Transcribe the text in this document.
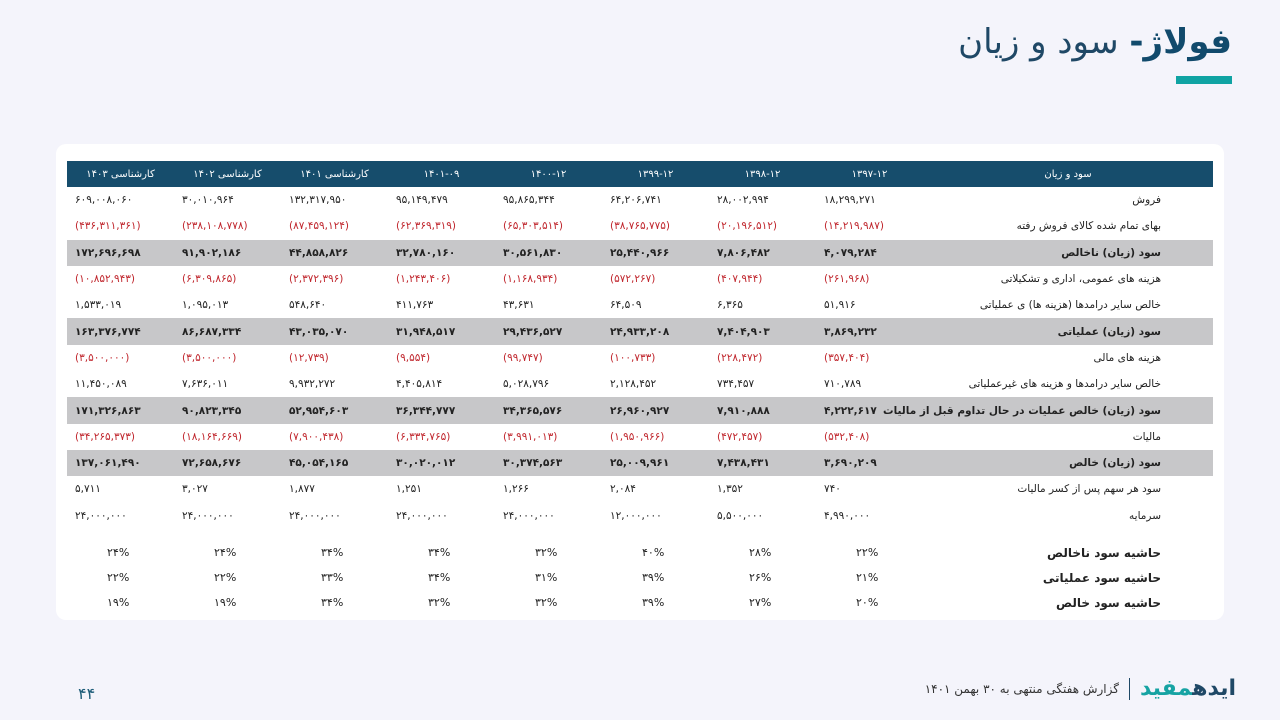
فولاژ- سود و زیان
کارشناسی ۱۴۰۳	کارشناسی ۱۴۰۲	کارشناسی ۱۴۰۱	۱۴۰۱-۰۹	۱۴۰۰-۱۲	۱۳۹۹-۱۲	۱۳۹۸-۱۲	۱۳۹۷-۱۲	سود و زیان
۶۰۹,۰۰۸,۰۶۰	۳۰,۰۱۰,۹۶۴	۱۳۲,۳۱۷,۹۵۰	۹۵,۱۴۹,۴۷۹	۹۵,۸۶۵,۳۴۴	۶۴,۲۰۶,۷۴۱	۲۸,۰۰۲,۹۹۴	۱۸,۲۹۹,۲۷۱	فروش
(۴۳۶,۳۱۱,۳۶۱)	(۲۳۸,۱۰۸,۷۷۸)	(۸۷,۴۵۹,۱۲۴)	(۶۲,۳۶۹,۳۱۹)	(۶۵,۳۰۳,۵۱۴)	(۳۸,۷۶۵,۷۷۵)	(۲۰,۱۹۶,۵۱۲)	(۱۴,۲۱۹,۹۸۷)	بهای تمام شده کالای فروش رفته
۱۷۲,۶۹۶,۶۹۸	۹۱,۹۰۲,۱۸۶	۴۴,۸۵۸,۸۲۶	۳۲,۷۸۰,۱۶۰	۳۰,۵۶۱,۸۳۰	۲۵,۴۴۰,۹۶۶	۷,۸۰۶,۴۸۲	۴,۰۷۹,۲۸۴	سود (زیان) ناخالص
(۱۰,۸۵۲,۹۴۳)	(۶,۳۰۹,۸۶۵)	(۲,۳۷۲,۳۹۶)	(۱,۲۴۳,۴۰۶)	(۱,۱۶۸,۹۳۴)	(۵۷۲,۲۶۷)	(۴۰۷,۹۴۴)	(۲۶۱,۹۶۸)	هزینه های عمومی، اداری و تشکیلاتی
۱,۵۳۳,۰۱۹	۱,۰۹۵,۰۱۳	۵۴۸,۶۴۰	۴۱۱,۷۶۳	۴۳,۶۳۱	۶۴,۵۰۹	۶,۳۶۵	۵۱,۹۱۶	خالص سایر درامدها (هزینه ها) ی عملیاتی
۱۶۳,۳۷۶,۷۷۴	۸۶,۶۸۷,۳۳۴	۴۳,۰۳۵,۰۷۰	۳۱,۹۴۸,۵۱۷	۲۹,۴۳۶,۵۲۷	۲۴,۹۳۳,۲۰۸	۷,۴۰۴,۹۰۳	۳,۸۶۹,۲۳۲	سود (زیان) عملیاتی
(۳,۵۰۰,۰۰۰)	(۳,۵۰۰,۰۰۰)	(۱۲,۷۳۹)	(۹,۵۵۴)	(۹۹,۷۴۷)	(۱۰۰,۷۳۳)	(۲۲۸,۴۷۲)	(۳۵۷,۴۰۴)	هزینه های مالی
۱۱,۴۵۰,۰۸۹	۷,۶۳۶,۰۱۱	۹,۹۳۲,۲۷۲	۴,۴۰۵,۸۱۴	۵,۰۲۸,۷۹۶	۲,۱۲۸,۴۵۲	۷۳۴,۴۵۷	۷۱۰,۷۸۹	خالص سایر درامدها و هزینه های غیرعملیاتی
۱۷۱,۳۲۶,۸۶۳	۹۰,۸۲۳,۳۴۵	۵۲,۹۵۴,۶۰۳	۳۶,۳۴۴,۷۷۷	۳۴,۳۶۵,۵۷۶	۲۶,۹۶۰,۹۲۷	۷,۹۱۰,۸۸۸	۴,۲۲۲,۶۱۷	سود (زیان) خالص عملیات در حال تداوم قبل از مالیات
(۳۴,۲۶۵,۳۷۳)	(۱۸,۱۶۴,۶۶۹)	(۷,۹۰۰,۴۳۸)	(۶,۳۳۴,۷۶۵)	(۳,۹۹۱,۰۱۳)	(۱,۹۵۰,۹۶۶)	(۴۷۲,۴۵۷)	(۵۳۲,۴۰۸)	مالیات
۱۳۷,۰۶۱,۴۹۰	۷۲,۶۵۸,۶۷۶	۴۵,۰۵۴,۱۶۵	۳۰,۰۲۰,۰۱۲	۳۰,۳۷۴,۵۶۳	۲۵,۰۰۹,۹۶۱	۷,۴۳۸,۴۳۱	۳,۶۹۰,۲۰۹	سود (زیان) خالص
۵,۷۱۱	۳,۰۲۷	۱,۸۷۷	۱,۲۵۱	۱,۲۶۶	۲,۰۸۴	۱,۳۵۲	۷۴۰	سود هر سهم پس از کسر مالیات
۲۴,۰۰۰,۰۰۰	۲۴,۰۰۰,۰۰۰	۲۴,۰۰۰,۰۰۰	۲۴,۰۰۰,۰۰۰	۲۴,۰۰۰,۰۰۰	۱۲,۰۰۰,۰۰۰	۵,۵۰۰,۰۰۰	۴,۹۹۰,۰۰۰	سرمایه
۲۴%	۲۴%	۳۴%	۳۴%	۳۲%	۴۰%	۲۸%	۲۲%	حاشیه سود ناخالص
۲۲%	۲۲%	۳۳%	۳۴%	۳۱%	۳۹%	۲۶%	۲۱%	حاشیه سود عملیاتی
۱۹%	۱۹%	۳۴%	۳۲%	۳۲%	۳۹%	۲۷%	۲۰%	حاشیه سود خالص
۴۴	ایدهمفید
گزارش هفتگی منتهی به ۳۰ بهمن ۱۴۰۱
